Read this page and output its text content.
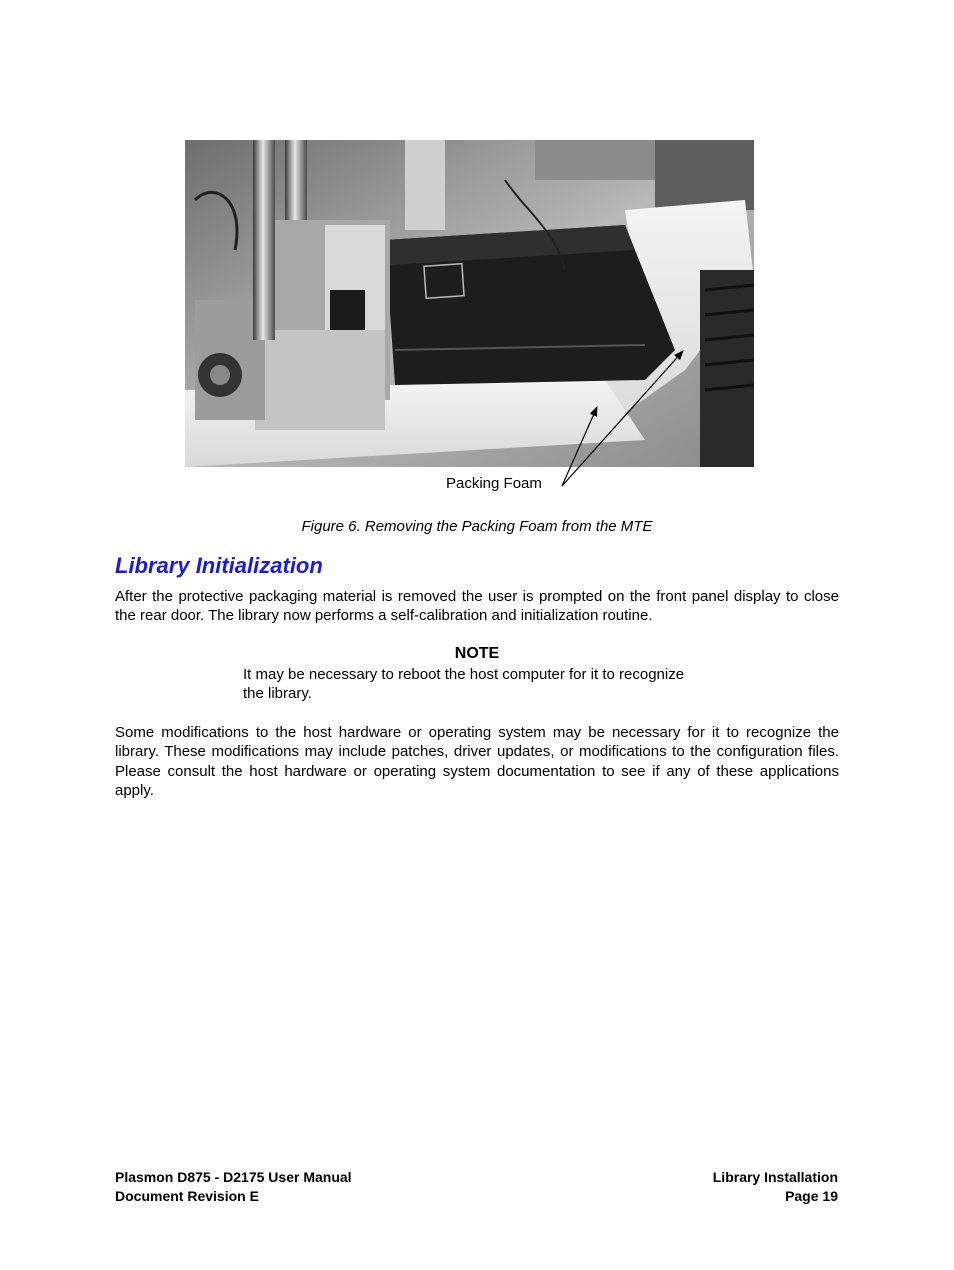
Packing Foam
Figure 6. Removing the Packing Foam from the MTE
Library Initialization

After the protective packaging material is removed the user is prompted on the front panel display to close the rear door. The library now performs a self-calibration and initialization routine.

NOTE
It may be necessary to reboot the host computer for it to recognize
the library.

Some modifications to the host hardware or operating system may be necessary for it to recognize the library. These modifications may include patches, driver updates, or modifications to the configuration files. Please consult the host hardware or operating system documentation to see if any of these applications apply.

Plasmon D875 - D2175 User Manual
Document Revision E
Library Installation
Page 19
